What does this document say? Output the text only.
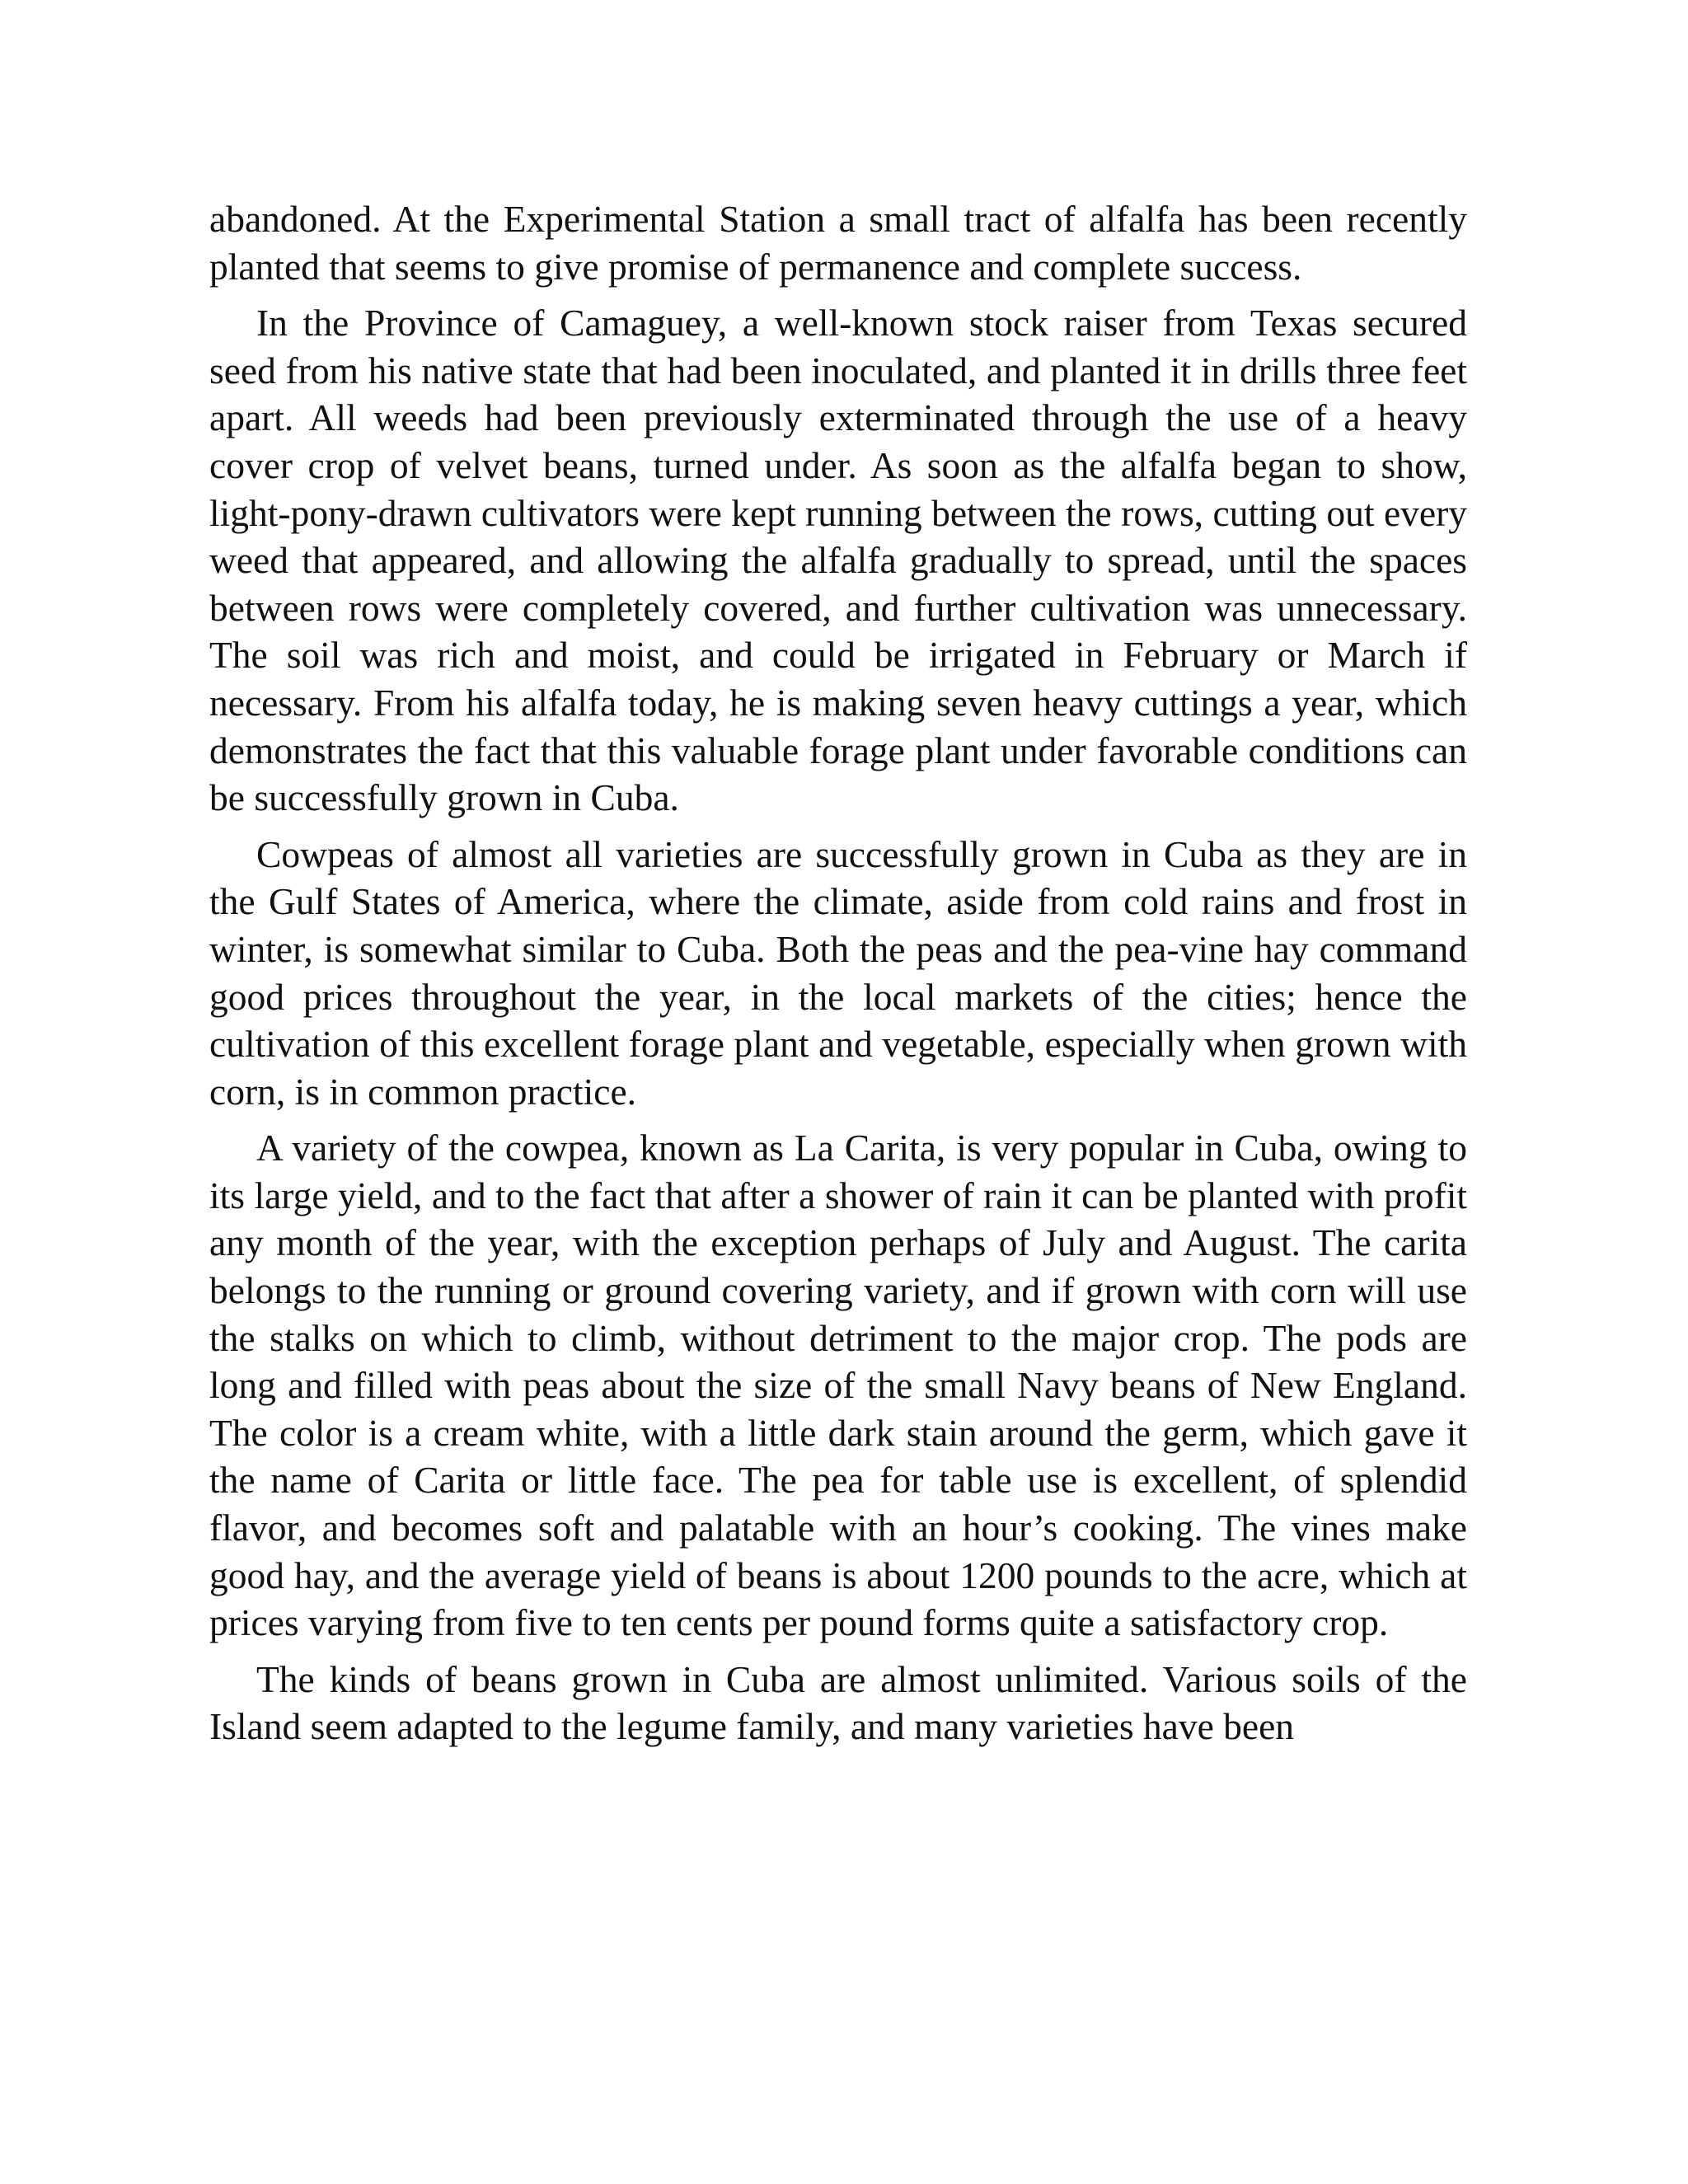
abandoned. At the Experimental Station a small tract of alfalfa has been recently planted that seems to give promise of permanence and complete success.

In the Province of Camaguey, a well-known stock raiser from Texas secured seed from his native state that had been inoculated, and planted it in drills three feet apart. All weeds had been previously exterminated through the use of a heavy cover crop of velvet beans, turned under. As soon as the alfalfa began to show, light-pony-drawn cultivators were kept running between the rows, cutting out every weed that appeared, and allowing the alfalfa gradually to spread, until the spaces between rows were completely covered, and further cultivation was unnecessary. The soil was rich and moist, and could be irrigated in February or March if necessary. From his alfalfa today, he is making seven heavy cuttings a year, which demonstrates the fact that this valuable forage plant under favorable conditions can be successfully grown in Cuba.

Cowpeas of almost all varieties are successfully grown in Cuba as they are in the Gulf States of America, where the climate, aside from cold rains and frost in winter, is somewhat similar to Cuba. Both the peas and the pea-vine hay command good prices throughout the year, in the local markets of the cities; hence the cultivation of this excellent forage plant and vegetable, especially when grown with corn, is in common practice.

A variety of the cowpea, known as La Carita, is very popular in Cuba, owing to its large yield, and to the fact that after a shower of rain it can be planted with profit any month of the year, with the exception perhaps of July and August. The carita belongs to the running or ground covering variety, and if grown with corn will use the stalks on which to climb, without detriment to the major crop. The pods are long and filled with peas about the size of the small Navy beans of New England. The color is a cream white, with a little dark stain around the germ, which gave it the name of Carita or little face. The pea for table use is excellent, of splendid flavor, and becomes soft and palatable with an hour’s cooking. The vines make good hay, and the average yield of beans is about 1200 pounds to the acre, which at prices varying from five to ten cents per pound forms quite a satisfactory crop.

The kinds of beans grown in Cuba are almost unlimited. Various soils of the Island seem adapted to the legume family, and many varieties have been
